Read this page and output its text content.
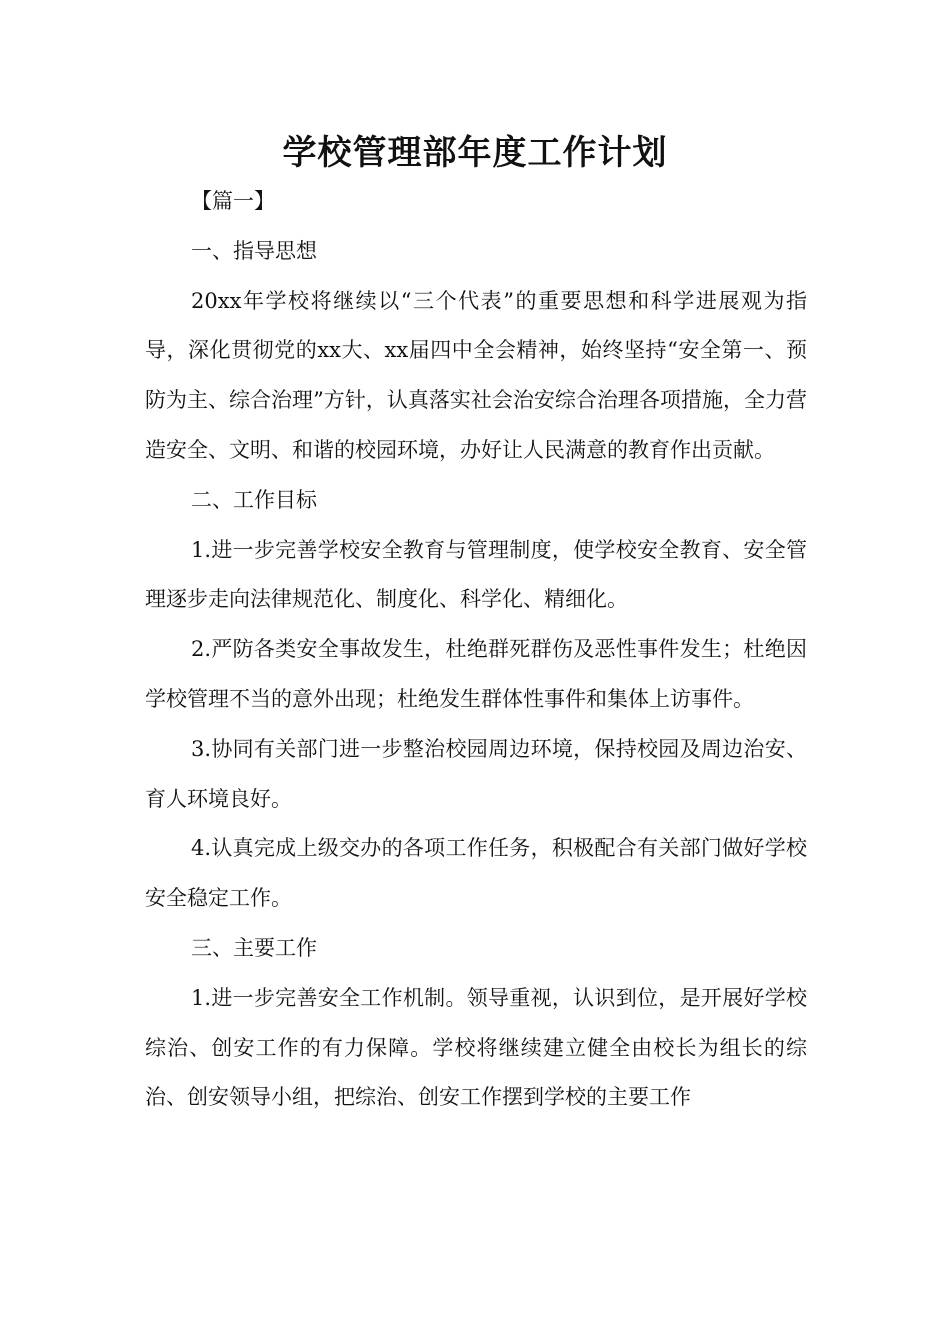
学校管理部年度工作计划

【篇一】

一、指导思想

20xx年学校将继续以“三个代表”的重要思想和科学进展观为指导，深化贯彻党的xx大、xx届四中全会精神，始终坚持“安全第一、预防为主、综合治理”方针，认真落实社会治安综合治理各项措施，全力营造安全、文明、和谐的校园环境，办好让人民满意的教育作出贡献。

二、工作目标

1.进一步完善学校安全教育与管理制度，使学校安全教育、安全管理逐步走向法律规范化、制度化、科学化、精细化。

2.严防各类安全事故发生，杜绝群死群伤及恶性事件发生；杜绝因学校管理不当的意外出现；杜绝发生群体性事件和集体上访事件。

3.协同有关部门进一步整治校园周边环境，保持校园及周边治安、育人环境良好。

4.认真完成上级交办的各项工作任务，积极配合有关部门做好学校安全稳定工作。

三、主要工作

1.进一步完善安全工作机制。领导重视，认识到位，是开展好学校综治、创安工作的有力保障。学校将继续建立健全由校长为组长的综治、创安领导小组，把综治、创安工作摆到学校的主要工作
